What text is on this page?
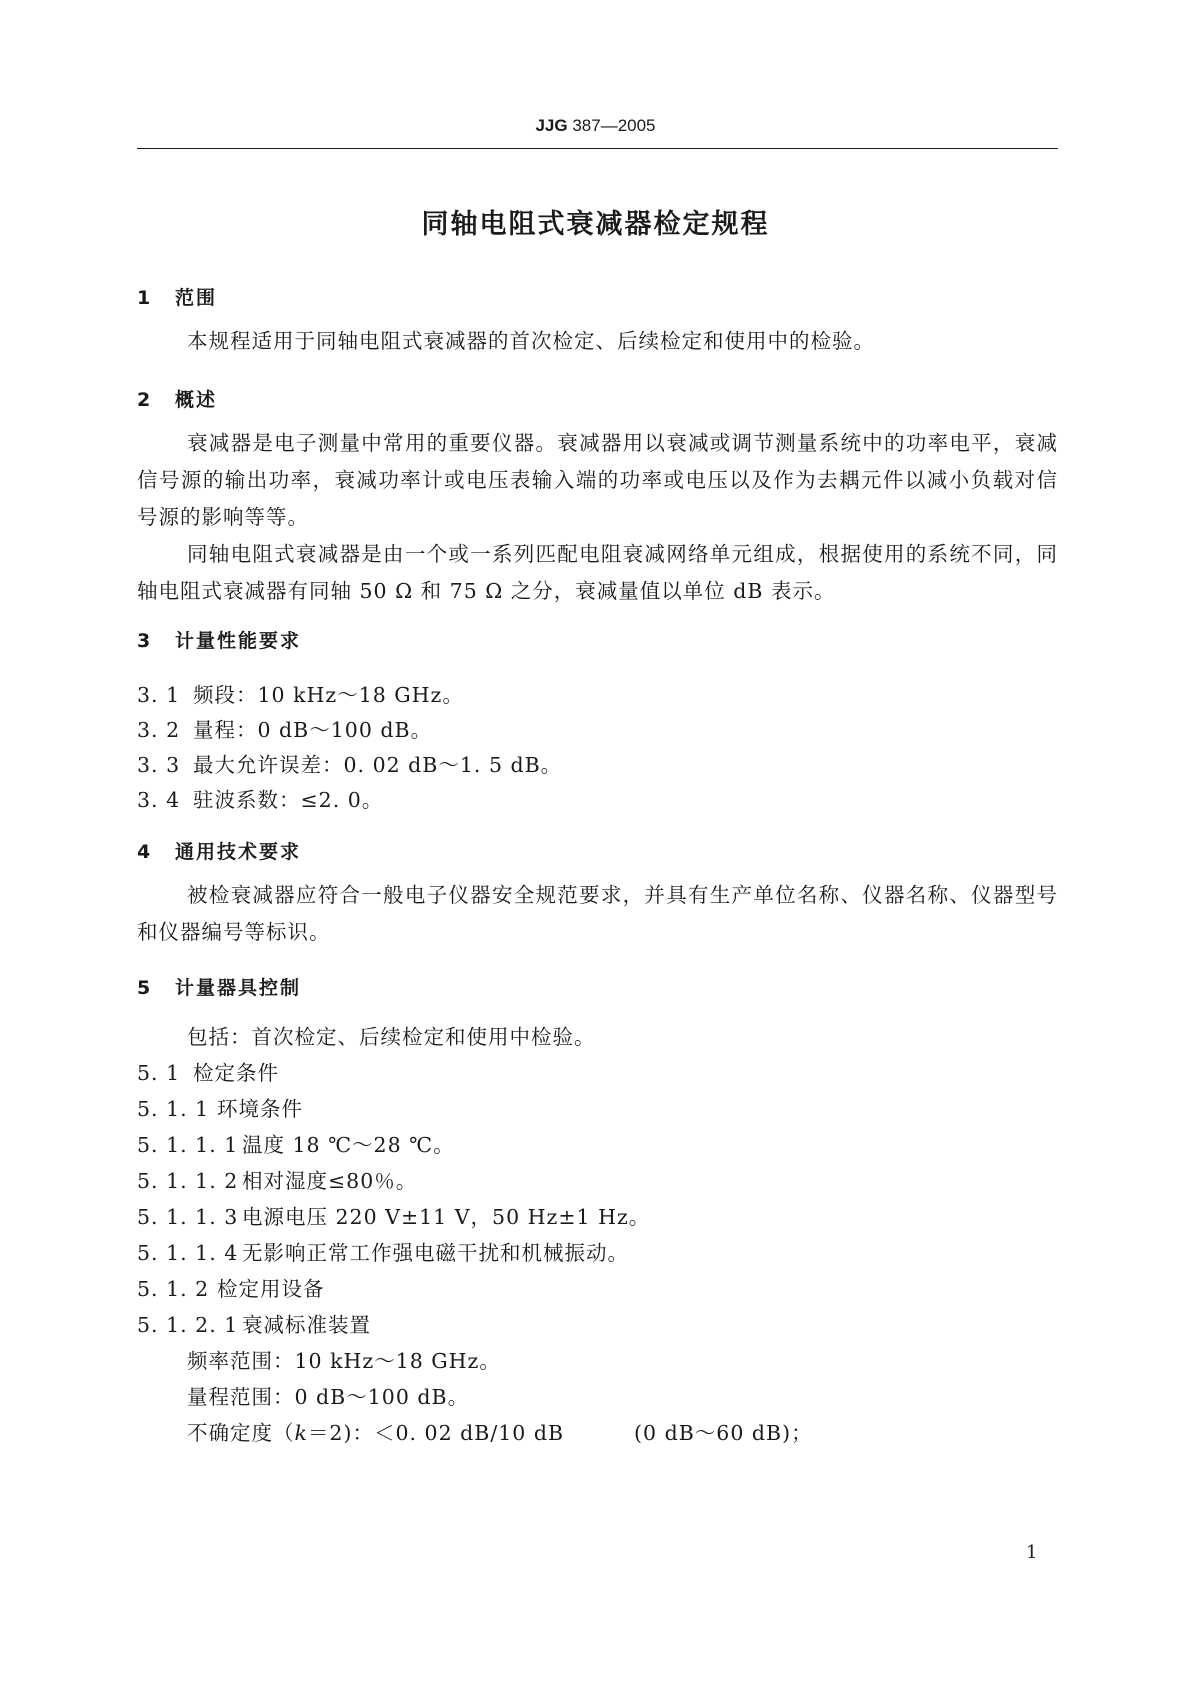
JJG 387—2005
同轴电阻式衰减器检定规程
1 范围
本规程适用于同轴电阻式衰减器的首次检定、后续检定和使用中的检验。
2 概述
衰减器是电子测量中常用的重要仪器。衰减器用以衰减或调节测量系统中的功率电平，衰减信号源的输出功率，衰减功率计或电压表输入端的功率或电压以及作为去耦元件以减小负载对信号源的影响等等。
同轴电阻式衰减器是由一个或一系列匹配电阻衰减网络单元组成，根据使用的系统不同，同轴电阻式衰减器有同轴 50 Ω 和 75 Ω 之分，衰减量值以单位 dB 表示。
3 计量性能要求
3. 1 频段：10 kHz～18 GHz。
3. 2 量程：0 dB～100 dB。
3. 3 最大允许误差：0. 02 dB～1. 5 dB。
3. 4 驻波系数：≤2. 0。
4 通用技术要求
被检衰减器应符合一般电子仪器安全规范要求，并具有生产单位名称、仪器名称、仪器型号和仪器编号等标识。
5 计量器具控制
包括：首次检定、后续检定和使用中检验。
5. 1 检定条件
5. 1. 1 环境条件
5. 1. 1. 1 温度 18 ℃～28 ℃。
5. 1. 1. 2 相对湿度≤80％。
5. 1. 1. 3 电源电压 220 V±11 V，50 Hz±1 Hz。
5. 1. 1. 4 无影响正常工作强电磁干扰和机械振动。
5. 1. 2 检定用设备
5. 1. 2. 1 衰减标准装置
频率范围：10 kHz～18 GHz。
量程范围：0 dB～100 dB。
不确定度（k＝2)：＜0. 02 dB/10 dB	(0 dB～60 dB)；
1
